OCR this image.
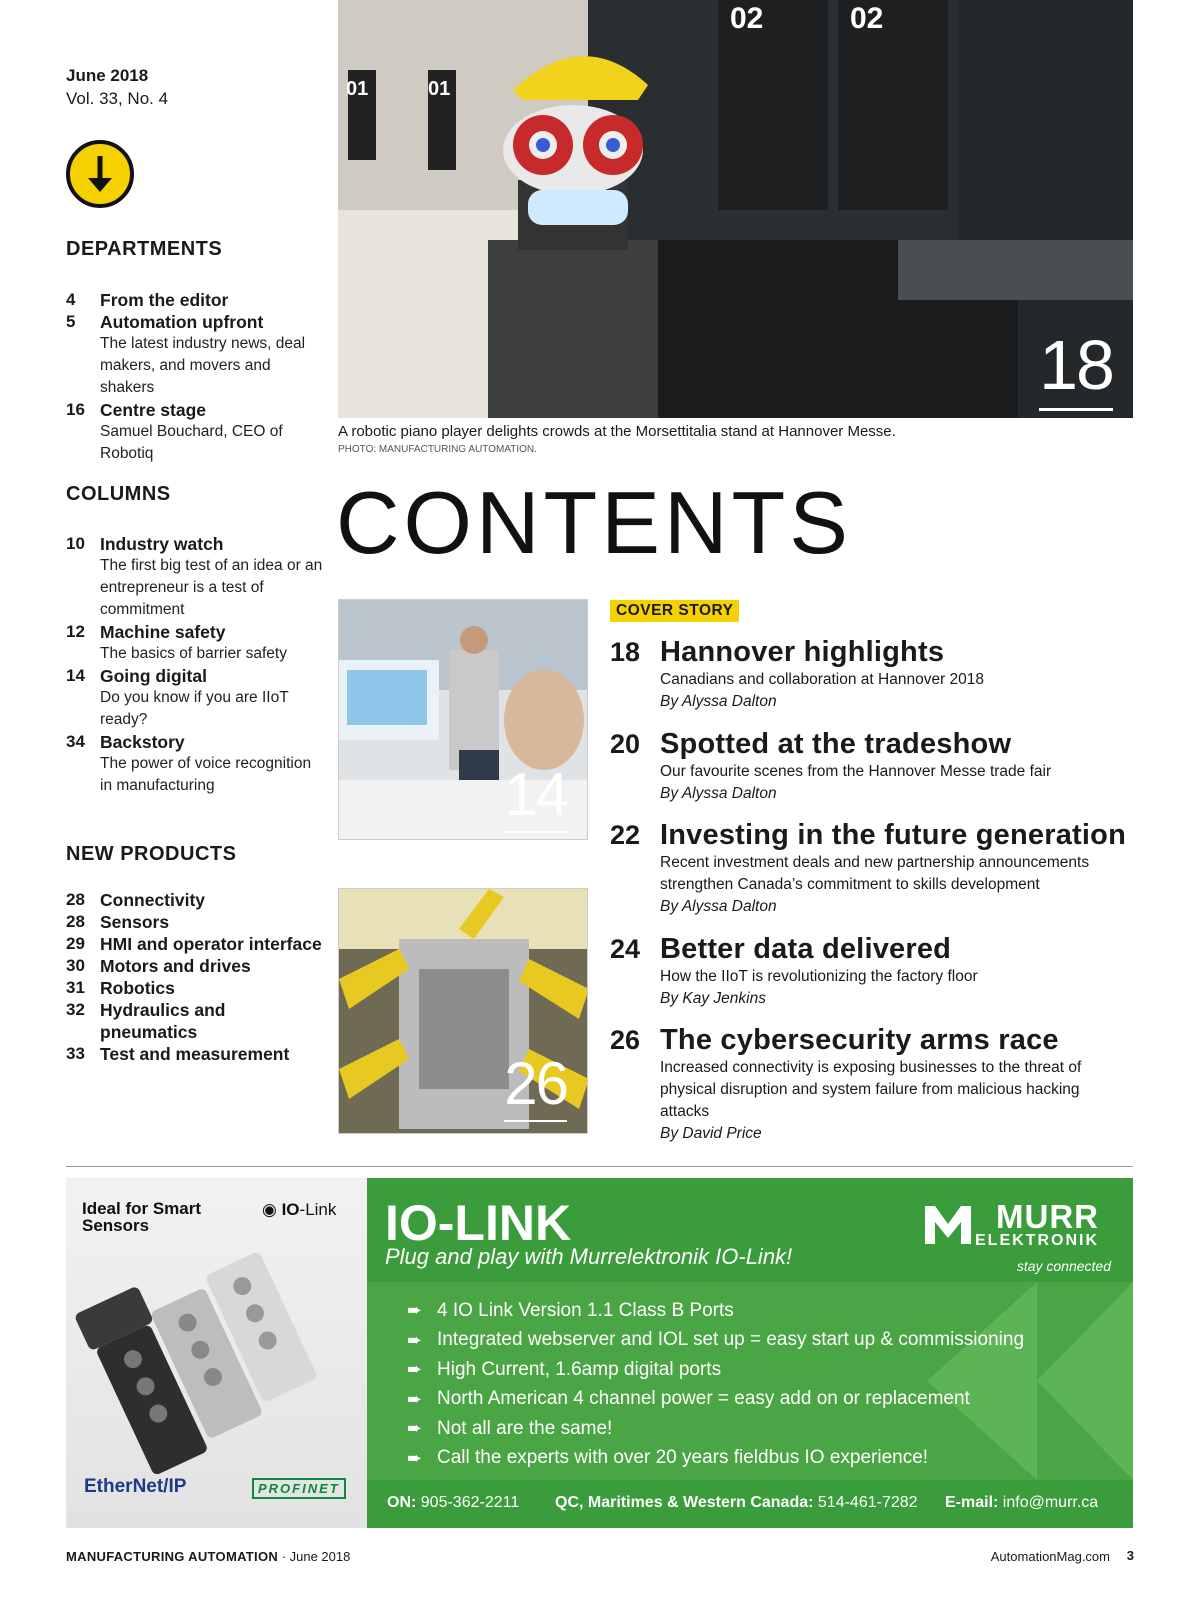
June 2018
Vol. 33, No. 4
DEPARTMENTS
4	From the editor
5	Automation upfront
The latest industry news, deal makers, and movers and shakers
16 Centre stage
Samuel Bouchard, CEO of Robotiq
COLUMNS
10 Industry watch
The first big test of an idea or an entrepreneur is a test of commitment
12 Machine safety
The basics of barrier safety
14 Going digital
Do you know if you are IIoT ready?
34 Backstory
The power of voice recognition in manufacturing
NEW PRODUCTS
28 Connectivity
28 Sensors
29 HMI and operator interface
30 Motors and drives
31 Robotics
32 Hydraulics and pneumatics
33 Test and measurement
01	01
02	02
18
A robotic piano player delights crowds at the Morsettitalia stand at Hannover Messe.
PHOTO: MANUFACTURING AUTOMATION.
CONTENTS
14
26
COVER STORY
18 Hannover highlights
Canadians and collaboration at Hannover 2018
By Alyssa Dalton
20 Spotted at the tradeshow
Our favourite scenes from the Hannover Messe trade fair
By Alyssa Dalton
22 Investing in the future generation
Recent investment deals and new partnership announcements strengthen Canada’s commitment to skills development
By Alyssa Dalton
24 Better data delivered
How the IIoT is revolutionizing the factory floor
By Kay Jenkins
26 The cybersecurity arms race
Increased connectivity is exposing businesses to the threat of physical disruption and system failure from malicious hacking attacks
By David Price
Ideal for Smart Sensors
◉ IO-Link
EtherNet/IP	PROFINET
IO-LINK
Plug and play with Murrelektronik IO-Link!
MURR
ELEKTRONIK
stay connected
➨ 4 IO Link Version 1.1 Class B Ports
➨ Integrated webserver and IOL set up = easy start up & commissioning
➨ High Current, 1.6amp digital ports
➨ North American 4 channel power = easy add on or replacement
➨ Not all are the same!
➨ Call the experts with over 20 years fieldbus IO experience!
ON: 905-362-2211 QC, Maritimes & Western Canada: 514-461-7282 E-mail: info@murr.ca
MANUFACTURING AUTOMATION · June 2018	AutomationMag.com 3
